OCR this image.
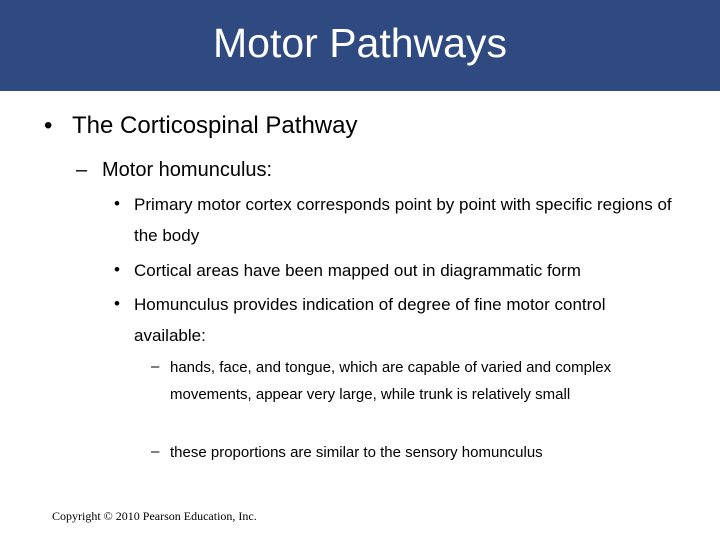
Motor Pathways
• The Corticospinal Pathway
– Motor homunculus:
• Primary motor cortex corresponds point by point with specific regions of the body
• Cortical areas have been mapped out in diagrammatic form
• Homunculus provides indication of degree of fine motor control available:
– hands, face, and tongue, which are capable of varied and complex movements, appear very large, while trunk is relatively small
– these proportions are similar to the sensory homunculus
Copyright © 2010 Pearson Education, Inc.
